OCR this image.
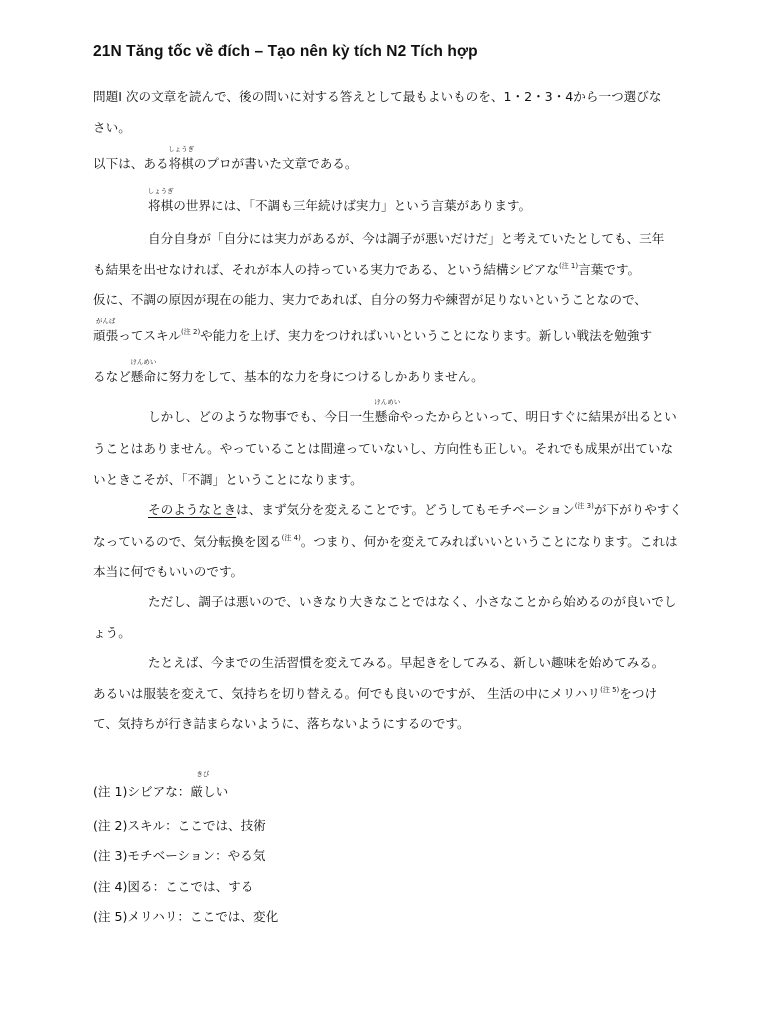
21N Tăng tốc về đích – Tạo nên kỳ tích N2 Tích hợp
問題Ⅰ 次の文章を読んで、後の問いに対する答えとして最もよいものを、1・2・3・4から一つ選びな
さい。
以下は、ある将棋
しょうぎ
のプロが書いた文章である。
将棋
しょうぎ
の世界には、「不調も三年続けば実力」という言葉があります。
自分自身が「自分には実力があるが、今は調子が悪いだけだ」と考えていたとしても、三年
も結果を出せなければ、それが本人の持っている実力である、という結構シビアな$^{(注 1)}$言葉です。
仮に、不調の原因が現在の能力、実力であれば、自分の努力や練習が足りないということなので、
頑張
がんば
ってスキル$^{(注 2)}$や能力を上げ、実力をつければいいということになります。新しい戦法を勉強す
るなど懸命
けんめい
に努力をして、基本的な力を身につけるしかありません。
しかし、どのような物事でも、今日一生懸命
けんめい
やったからといって、明日すぐに結果が出るとい
うことはありません。やっていることは間違っていないし、方向性も正しい。それでも成果が出ていな
いときこそが、「不調」ということになります。
そのようなときは、まず気分を変えることです。どうしてもモチベーション$^{(注 3)}$が下がりやすく
なっているので、気分転換を図る$^{(注 4)}$。つまり、何かを変えてみればいいということになります。これは
本当に何でもいいのです。
ただし、調子は悪いので、いきなり大きなことではなく、小さなことから始めるのが良いでし
ょう。
たとえば、今までの生活習慣を変えてみる。早起きをしてみる、新しい趣味を始めてみる。
あるいは服装を変えて、気持ちを切り替える。何でも良いのですが、 生活の中にメリハリ$^{(注 5)}$をつけ
て、気持ちが行き詰まらないように、落ちないようにするのです。
(注 1)シビアな：厳しい
きび
(注 2)スキル：ここでは、技術
(注 3)モチベーション：やる気
(注 4)図る：ここでは、する
(注 5)メリハリ：ここでは、変化
